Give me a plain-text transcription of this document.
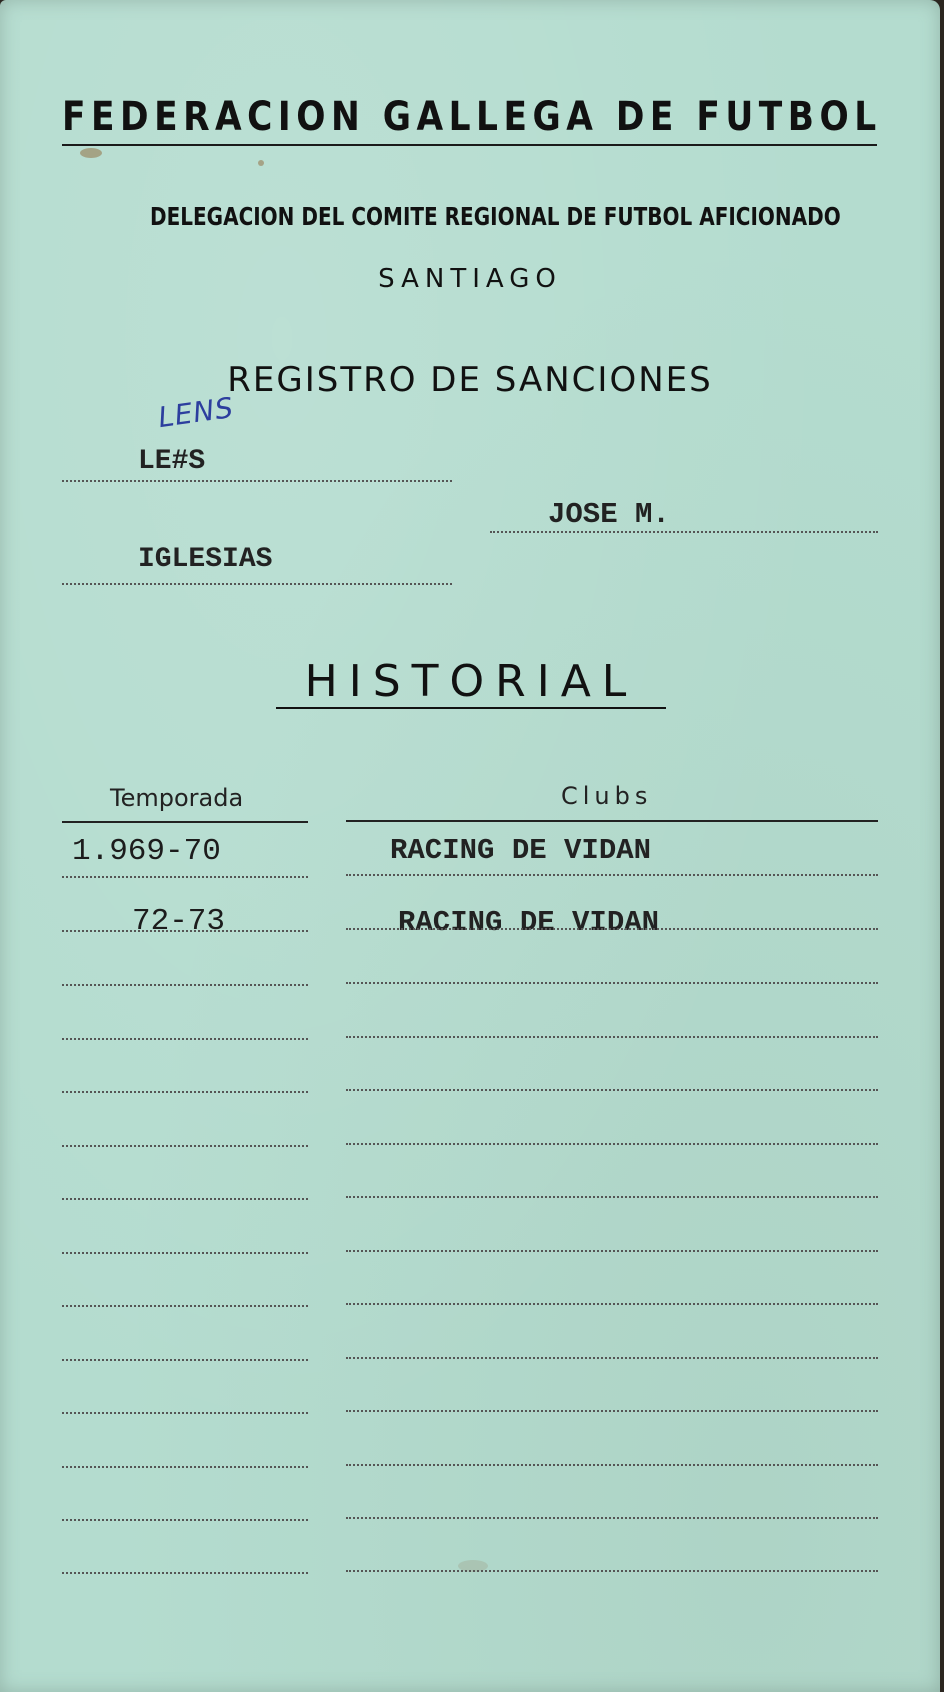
FEDERACION GALLEGA DE FUTBOL
DELEGACION DEL COMITE REGIONAL DE FUTBOL AFICIONADO
SANTIAGO
REGISTRO DE SANCIONES
LENS
LE#S
JOSE M.
IGLESIAS
HISTORIAL
Temporada	Clubs
1.969-70	RACING DE VIDAN
72-73	RACING DE VIDAN
